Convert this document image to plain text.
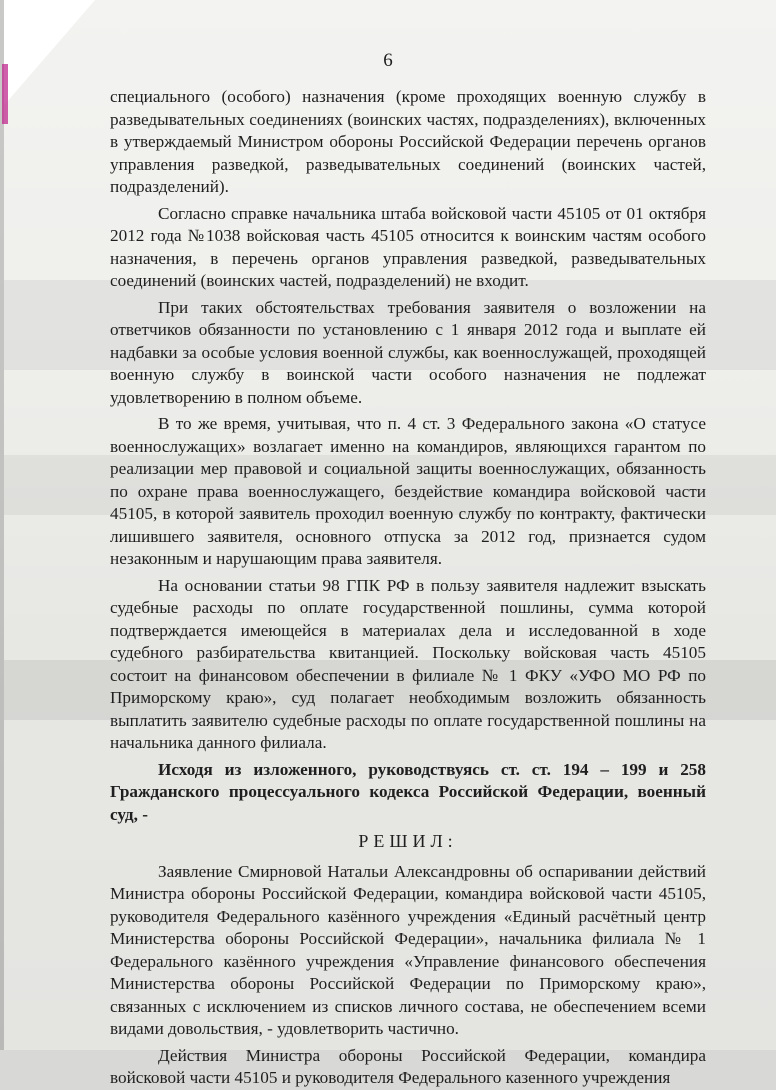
6

специального (особого) назначения (кроме проходящих военную службу в разведывательных соединениях (воинских частях, подразделениях), включенных в утверждаемый Министром обороны Российской Федерации перечень органов управления разведкой, разведывательных соединений (воинских частей, подразделений).

Согласно справке начальника штаба войсковой части 45105 от 01 октября 2012 года №1038 войсковая часть 45105 относится к воинским частям особого назначения, в перечень органов управления разведкой, разведывательных соединений (воинских частей, подразделений) не входит.

При таких обстоятельствах требования заявителя о возложении на ответчиков обязанности по установлению с 1 января 2012 года и выплате ей надбавки за особые условия военной службы, как военнослужащей, проходящей военную службу в воинской части особого назначения не подлежат удовлетворению в полном объеме.

В то же время, учитывая, что п. 4 ст. 3 Федерального закона «О статусе военнослужащих» возлагает именно на командиров, являющихся гарантом по реализации мер правовой и социальной защиты военнослужащих, обязанность по охране права военнослужащего, бездействие командира войсковой части 45105, в которой заявитель проходил военную службу по контракту, фактически лишившего заявителя, основного отпуска за 2012 год, признается судом незаконным и нарушающим права заявителя.

На основании статьи 98 ГПК РФ в пользу заявителя надлежит взыскать судебные расходы по оплате государственной пошлины, сумма которой подтверждается имеющейся в материалах дела и исследованной в ходе судебного разбирательства квитанцией. Поскольку войсковая часть 45105 состоит на финансовом обеспечении в филиале № 1 ФКУ «УФО МО РФ по Приморскому краю», суд полагает необходимым возложить обязанность выплатить заявителю судебные расходы по оплате государственной пошлины на начальника данного филиала.

Исходя из изложенного, руководствуясь ст. ст. 194 – 199 и 258 Гражданского процессуального кодекса Российской Федерации, военный суд, -

РЕШИЛ:

Заявление Смирновой Натальи Александровны об оспаривании действий Министра обороны Российской Федерации, командира войсковой части 45105, руководителя Федерального казённого учреждения «Единый расчётный центр Министерства обороны Российской Федерации», начальника филиала № 1 Федерального казённого учреждения «Управление финансового обеспечения Министерства обороны Российской Федерации по Приморскому краю», связанных с исключением из списков личного состава, не обеспечением всеми видами довольствия, - удовлетворить частично.

Действия Министра обороны Российской Федерации, командира войсковой части 45105 и руководителя Федерального казенного учреждения
